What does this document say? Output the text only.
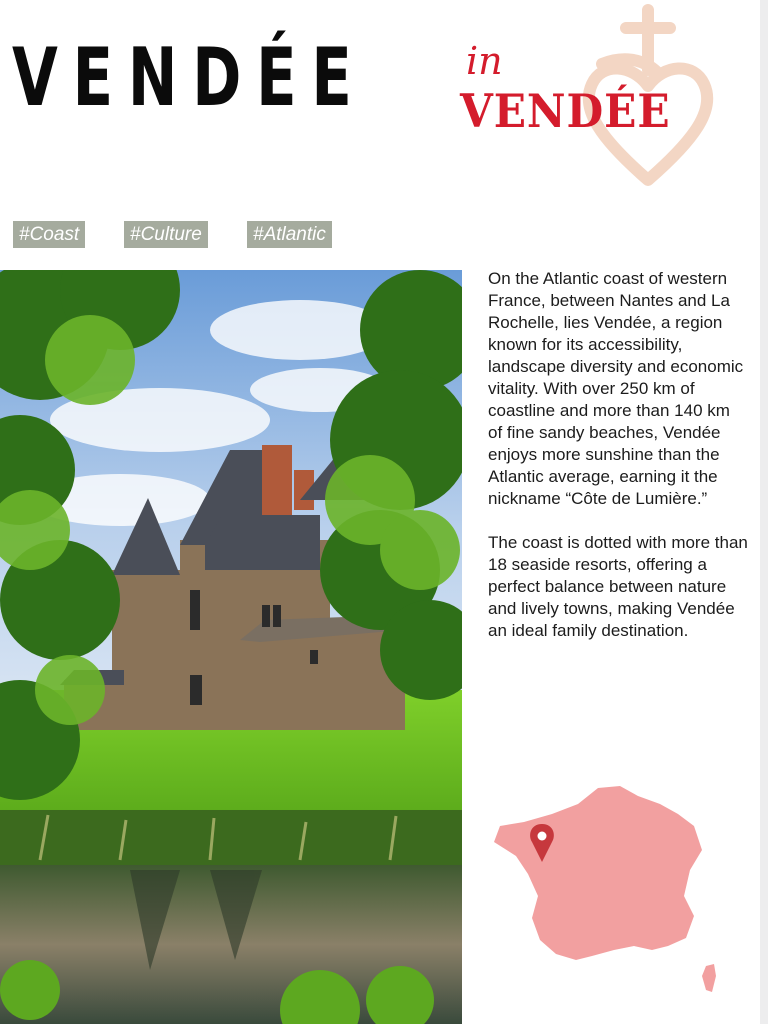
VENDÉE	in
VENDÉE
#Coast	#Culture	#Atlantic

On the Atlantic coast of western France, between Nantes and La Rochelle, lies Vendée, a region known for its accessibility, landscape diversity and economic vitality. With over 250 km of coastline and more than 140 km of fine sandy beaches, Vendée enjoys more sunshine than the Atlantic average, earning it the nickname “Côte de Lumière.”

The coast is dotted with more than 18 seaside resorts, offering a perfect balance between nature and lively towns, making Vendée an ideal family destination.
